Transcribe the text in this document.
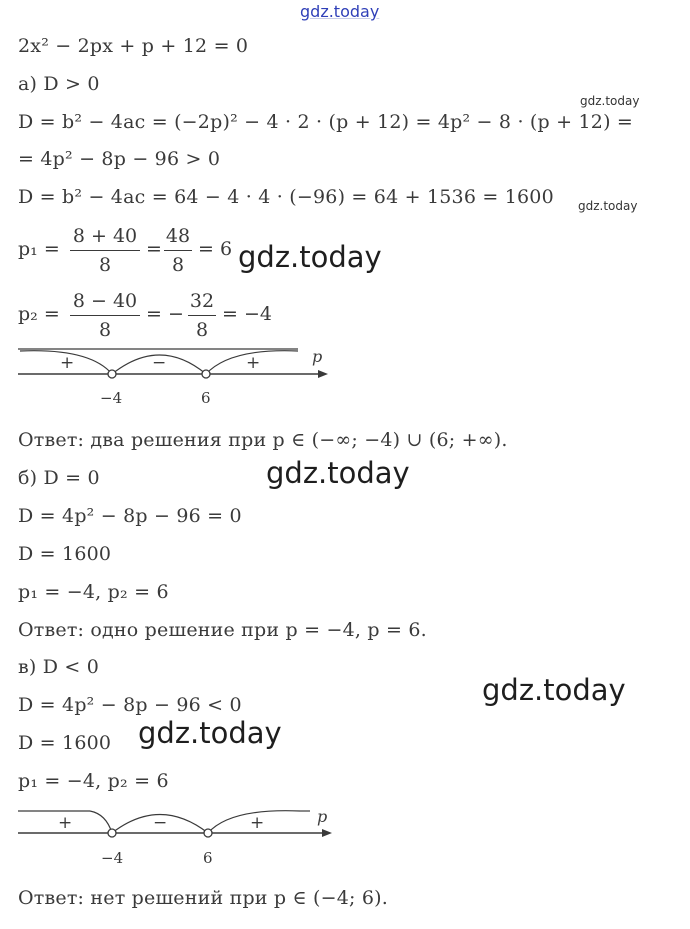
gdz.today
gdz.today
gdz.today
gdz.today
gdz.today
gdz.today
gdz.today
2x² − 2px + p + 12 = 0
а) D > 0
D = b² − 4ac = (−2p)² − 4 · 2 · (p + 12) = 4p² − 8 · (p + 12) =
= 4p² − 8p − 96 > 0
D = b² − 4ac = 64 − 4 · 4 · (−96) = 64 + 1536 = 1600
p₁ =
8 + 40
8
=
48
8
= 6
p₂ =
8 − 40
8
= −
32
8
= −4
+	−	+	p
−4	6
Ответ: два решения при p ∈ (−∞; −4) ∪ (6; +∞).
б) D = 0
D = 4p² − 8p − 96 = 0
D = 1600
p₁ = −4, p₂ = 6
Ответ: одно решение при p = −4, p = 6.
в) D < 0
D = 4p² − 8p − 96 < 0
D = 1600
p₁ = −4, p₂ = 6
+	−	+	p
−4	6
Ответ: нет решений при p ∈ (−4; 6).
